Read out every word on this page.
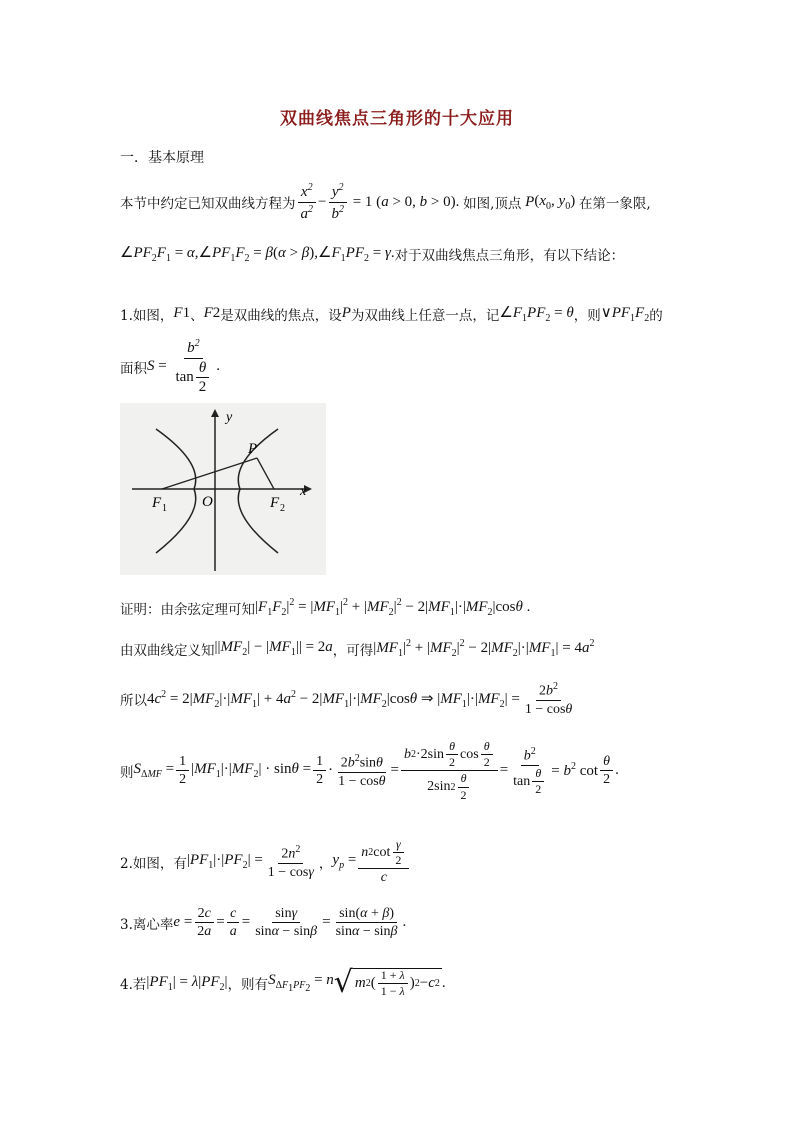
双曲线焦点三角形的十大应用
一．基本原理
本节中约定已知双曲线方程为 $\frac{x^2}{a^2} - \frac{y^2}{b^2} = 1$ (a > 0, b > 0). 如图,顶点 P ($x_0$, $y_0$) 在第一象限,
$\angle PF_2F_1$ = $\alpha,\angle PF_1F_2 = \beta(\alpha$ > $\beta),\angle F_1PF_2 = \gamma$. 对于双曲线焦点三角形，有以下结论：
1.如图， F 1 、 F 2 是双曲线的焦点，设 P 为双曲线上任意一点，记 $\angle F_1PF_2 = \theta$ ，则 $\vee PF_1F_2$ 的
面积 $S = \frac{b^2}{\tan \frac{\theta}{2}}$ .
y
x
P
O
F 1	F 2
证明：由余弦定理可知 $|F_1F_2|^2 = |MF_1|^2 + |MF_2|^2 - 2|MF_1|\cdot|MF_2|\cos\theta$ .
由双曲线定义知 $||MF_2| - |MF_1|| = 2a$ ，可得 $|MF_1|^2 + |MF_2|^2 - 2|MF_2|\cdot|MF_1| = 4a^2$
所以 $4c^2 = 2|MF_2|\cdot|MF_1| + 4a^2 - 2|MF_1|\cdot|MF_2|\cos\theta$ ⇒ $|MF_1|\cdot|MF_2| = \frac{2b^2}{1 - \cos\theta}$
则 $S_{\Delta MF} = \frac{1}{2} |MF_1|\cdot|MF_2| \cdot \sin\theta = \frac{1}{2} \cdot \frac{2b^2\sin\theta}{1 - \cos\theta} = \frac{b 2 \cdot 2\sin \frac{\theta}{2} \cos \frac{\theta}{2}}{2\sin 2 \frac{\theta}{2}} = \frac{b^2}{\tan \frac{\theta}{2}} = b^2$ $\cot \frac{\theta}{2}$ .
2.如图，有 $|PF_1|\cdot|PF_2| = \frac{2n^2}{1 - \cos\gamma}$ ， $y_p = \frac{n 2 \cot \frac{\gamma}{2}}{c}$
3.离心率 $e = \frac{2c}{2a} = \frac{c}{a} = \frac{\sin\gamma}{\sin\alpha - \sin\beta} = \frac{\sin(\alpha + \beta)}{\sin\alpha - \sin\beta}$ .
4.若 $|PF_1| = \lambda|PF_2|$ ，则有 $S_{\Delta F_1PF_2} = n$ √ m 2 ( $\frac{1 + \lambda}{1 - \lambda}$ ) 2 − c 2 .
